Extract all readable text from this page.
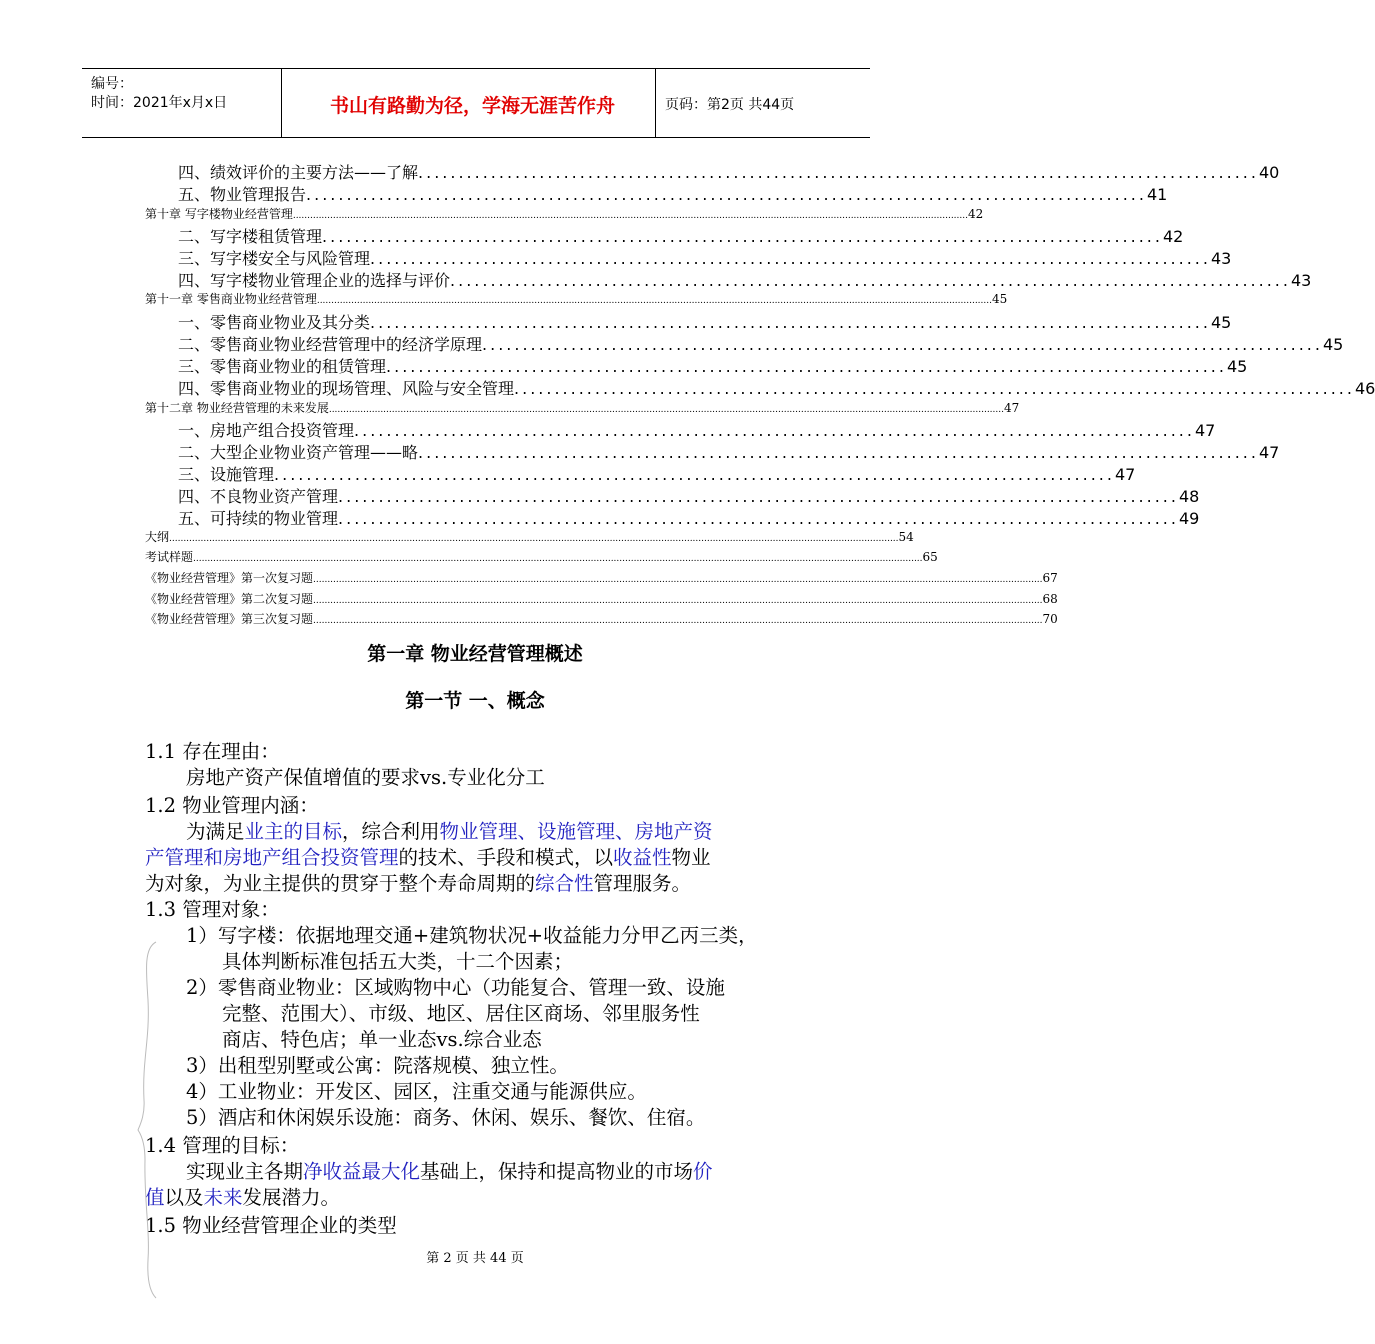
编号：
时间：2021年x月x日	书山有路勤为径，学海无涯苦作舟	页码：第2页 共44页
四、绩效评价的主要方法——了解 ........................................................................................................ 40
五、物业管理报告 ........................................................................................................ 41
第十章 写字楼物业经营管理 ............................................................................................................................................................................................................................................ 42
二、写字楼租赁管理 ........................................................................................................ 42
三、写字楼安全与风险管理 ........................................................................................................ 43
四、写字楼物业管理企业的选择与评价 ........................................................................................................ 43
第十一章 零售商业物业经营管理 ............................................................................................................................................................................................................................................ 45
一、零售商业物业及其分类 ........................................................................................................ 45
二、零售商业物业经营管理中的经济学原理 ........................................................................................................ 45
三、零售商业物业的租赁管理 ........................................................................................................ 45
四、零售商业物业的现场管理、风险与安全管理 ........................................................................................................ 46
第十二章 物业经营管理的未来发展 ............................................................................................................................................................................................................................................ 47
一、房地产组合投资管理 ........................................................................................................ 47
二、大型企业物业资产管理——略 ........................................................................................................ 47
三、设施管理 ........................................................................................................ 47
四、不良物业资产管理 ........................................................................................................ 48
五、可持续的物业管理 ........................................................................................................ 49
大纲 ............................................................................................................................................................................................................................................................... 54
考试样题 ............................................................................................................................................................................................................................................................... 65
《物业经营管理》第一次复习题 ............................................................................................................................................................................................................................................................... 67
《物业经营管理》第二次复习题 ............................................................................................................................................................................................................................................................... 68
《物业经营管理》第三次复习题 ............................................................................................................................................................................................................................................................... 70
第一章 物业经营管理概述
第一节 一、概念
1.1 存在理由：
房地产资产保值增值的要求vs.专业化分工
1.2 物业管理内涵：
为满足业主的目标，综合利用物业管理、设施管理、房地产资
产管理和房地产组合投资管理的技术、手段和模式，以收益性物业
为对象，为业主提供的贯穿于整个寿命周期的综合性管理服务。
1.3 管理对象：
1）写字楼：依据地理交通+建筑物状况+收益能力分甲乙丙三类，
具体判断标准包括五大类，十二个因素；
2）零售商业物业：区域购物中心（功能复合、管理一致、设施
完整、范围大）、市级、地区、居住区商场、邻里服务性
商店、特色店；单一业态vs.综合业态
3）出租型别墅或公寓：院落规模、独立性。
4）工业物业：开发区、园区，注重交通与能源供应。
5）酒店和休闲娱乐设施：商务、休闲、娱乐、餐饮、住宿。
1.4 管理的目标：
实现业主各期净收益最大化基础上，保持和提高物业的市场价
值以及未来发展潜力。
1.5 物业经营管理企业的类型
第 2 页 共 44 页
